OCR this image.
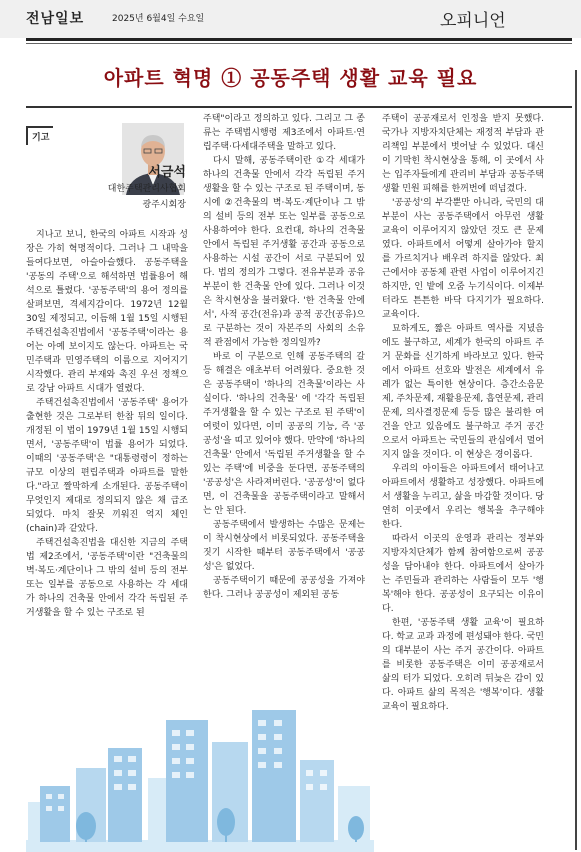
전남일보	2025년 6월4일 수요일	오피니언
아파트 혁명 ① 공동주택 생활 교육 필요
기고
서금석
대한주택관리사협회
광주시회장

지나고 보니, 한국의 아파트 시작과 성장은 가히 혁명적이다. 그러나 그 내막을 들여다보면, 아슬아슬했다. 공동주택을 '공동의 주택'으로 해석하면 법률용어 해석으로 틀렸다. '공동주택'의 용어 정의를 살펴보면, 격세지감이다. 1972년 12월 30일 제정되고, 이듬해 1월 15일 시행된 주택건설촉진법에서 '공동주택'이라는 용어는 아예 보이지도 않는다. 아파트는 국민주택과 민영주택의 이름으로 지어지기 시작했다. 관리 부재와 촉진 우선 정책으로 강남 아파트 시대가 열렸다.

주택건설촉진법에서 '공동주택' 용어가 출현한 것은 그로부터 한참 뒤의 일이다. 개정된 이 법이 1979년 1월 15일 시행되면서, '공동주택'이 법률 용어가 되었다. 이때의 '공동주택'은 "대통령령이 정하는 규모 이상의 편립주택과 아파트를 말한다."라고 짤막하게 소개된다. 공동주택이 무엇인지 제대로 정의되지 않은 채 급조되었다. 마치 잘못 끼워진 억지 체인(chain)과 같았다.

주택건설촉진법을 대신한 지금의 주택법 제2조에서, '공동주택'이란 "건축물의 벽·복도·계단이나 그 밖의 설비 등의 전부 또는 일부를 공동으로 사용하는 각 세대가 하나의 건축물 안에서 각각 독립된 주거생활을 할 수 있는 구조로 된

주택"이라고 정의하고 있다. 그리고 그 종류는 주택법시행령 제3조에서 아파트·연립주택·다세대주택을 말하고 있다.

다시 말해, 공동주택이란 ①각 세대가 하나의 건축물 안에서 각각 독립된 주거생활을 할 수 있는 구조로 된 주택이며, 동시에 ②건축물의 벽·복도·계단이나 그 밖의 설비 등의 전부 또는 일부를 공동으로 사용하여야 한다. 요컨대, 하나의 건축물 안에서 독립된 주거생활 공간과 공동으로 사용하는 시설 공간이 서로 구분되어 있다. 법의 정의가 그렇다. 전유부분과 공유부분이 한 건축물 안에 있다. 그러나 이것은 착시현상을 불러왔다. '한 건축물 안에서', 사적 공간(전유)과 공적 공간(공유)으로 구분하는 것이 자본주의 사회의 소유적 관점에서 가능한 정의일까?

바로 이 구분으로 인해 공동주택의 갈등 해결은 애초부터 어려웠다. 중요한 것은 공동주택이 '하나의 건축물'이라는 사실이다. '하나의 건축물' 에 '각각 독립된 주거생활을 할 수 있는 구조로 된 주택'이 여럿이 있다면, 이미 공공의 기능, 즉 '공공성'을 띠고 있어야 했다. 만약에 '하나의 건축물' 안에서 '독립된 주거생활을 할 수 있는 주택'에 비중을 둔다면, 공동주택의 '공공성'은 사라져버린다. '공공성'이 없다면, 이 건축물을 공동주택이라고 말해서는 안 된다.

공동주택에서 발생하는 수많은 문제는 이 착시현상에서 비롯되었다. 공동주택을 짓기 시작한 때부터 공동주택에서 '공공성'은 없었다.

공동주택이기 때문에 공공성을 가져야 한다. 그러나 공공성이 제외된 공동

주택이 공공재로서 인정을 받지 못했다. 국가나 지방자치단체는 재정적 부담과 관리책임 부분에서 벗어날 수 있었다. 대신 이 기막힌 착시현상을 통해, 이 곳에서 사는 입주자들에게 관리비 부담과 공동주택 생활 민원 피해를 한꺼번에 떠넘겼다.

'공공성'의 부각뿐만 아니라, 국민의 대부분이 사는 공동주택에서 아무런 생활 교육이 이루어지지 않았던 것도 큰 문제였다. 아파트에서 어떻게 살아가야 할지를 가르치거나 배우려 하지를 않았다. 최근에서야 공동체 관련 사업이 이루어지긴 하지만, 인 밭에 오줌 누기식이다. 이제부터라도 튼튼한 바닥 다지기가 필요하다. 교육이다.

묘하게도, 짧은 아파트 역사를 지녔음에도 불구하고, 세계가 한국의 아파트 주거 문화를 신기하게 바라보고 있다. 한국에서 아파트 선호와 발전은 세계에서 유례가 없는 특이한 현상이다. 층간소음문제, 주차문제, 재활용문제, 흡연문제, 관리문제, 의사결정문제 등등 많은 불리한 여건을 안고 있음에도 불구하고 주거 공간으로서 아파트는 국민들의 관심에서 멀어지지 않을 것이다. 이 현상은 경이롭다.

우리의 아이들은 아파트에서 태어나고 아파트에서 생활하고 성장했다. 아파트에서 생활을 누리고, 삶을 마감할 것이다. 당연히 이곳에서 우리는 행복을 추구해야 한다.

따라서 이곳의 운영과 관리는 정부와 지방자치단체가 함께 참여함으로써 공공성을 담아내야 한다. 아파트에서 살아가는 주민들과 관리하는 사람들이 모두 '행복'해야 한다. 공공성이 요구되는 이유이다.

한편, '공동주택 생활 교육'이 필요하다. 학교 교과 과정에 편성돼야 한다. 국민의 대부분이 사는 주거 공간이다. 아파트를 비롯한 공동주택은 이미 공공재로서 삶의 터가 되었다. 오히려 뒤늦은 감이 있다. 아파트 삶의 목적은 '행복'이다. 생활 교육이 필요하다.
